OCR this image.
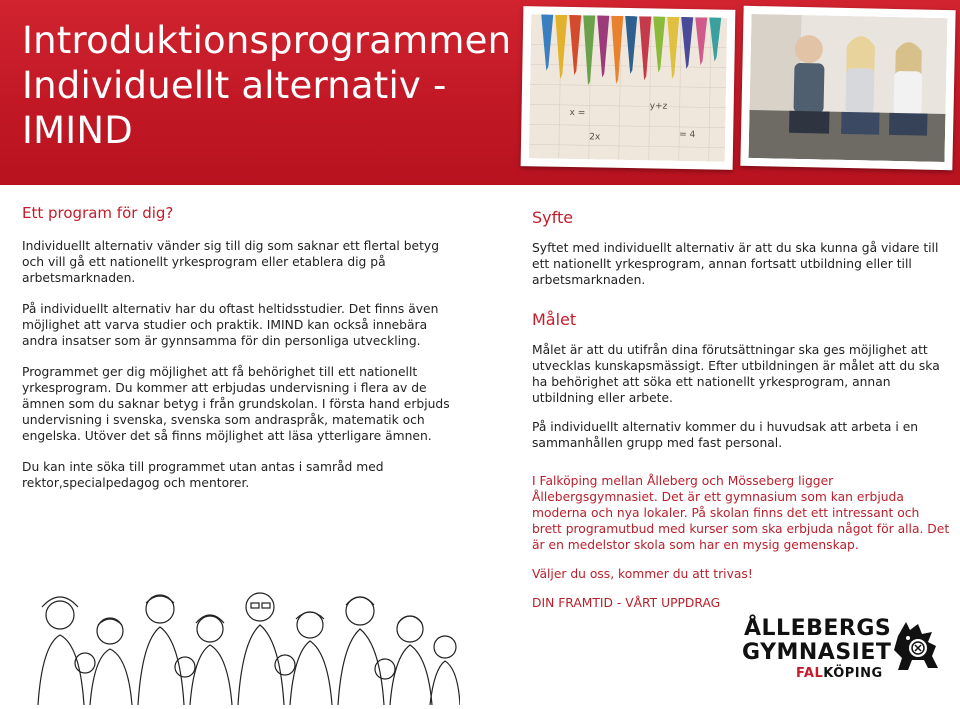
Introduktionsprogrammen
Individuellt alternativ -
IMIND	x =
y+z
2x	= 4

Ett program för dig?

Individuellt alternativ vänder sig till dig som saknar ett flertal betyg och vill gå ett nationellt yrkesprogram eller etablera dig på arbetsmarknaden.

På individuellt alternativ har du oftast heltidsstudier. Det finns även möjlighet att varva studier och praktik. IMIND kan också innebära andra insatser som är gynnsamma för din personliga utveckling.

Programmet ger dig möjlighet att få behörighet till ett nationellt yrkesprogram. Du kommer att erbjudas undervisning i flera av de ämnen som du saknar betyg i från grundskolan. I första hand erbjuds undervisning i svenska, svenska som andraspråk, matematik och engelska. Utöver det så finns möjlighet att läsa ytterligare ämnen.

Du kan inte söka till programmet utan antas i samråd med rektor,specialpedagog och mentorer.

Syfte

Syftet med individuellt alternativ är att du ska kunna gå vidare till ett nationellt yrkesprogram, annan fortsatt utbildning eller till arbetsmarknaden.

Målet

Målet är att du utifrån dina förutsättningar ska ges möjlighet att utvecklas kunskapsmässigt. Efter utbildningen är målet att du ska ha behörighet att söka ett nationellt yrkesprogram, annan utbildning eller arbete.

På individuellt alternativ kommer du i huvudsak att arbeta i en sammanhållen grupp med fast personal.

I Falköping mellan Ålleberg och Mösseberg ligger Ållebergsgymnasiet. Det är ett gymnasium som kan erbjuda moderna och nya lokaler. På skolan finns det ett intressant och brett programutbud med kurser som ska erbjuda något för alla. Det är en medelstor skola som har en mysig gemenskap.

Väljer du oss, kommer du att trivas!

DIN FRAMTID - VÅRT UPPDRAG

ÅLLEBERGS
GYMNASIET
FALKÖPING
